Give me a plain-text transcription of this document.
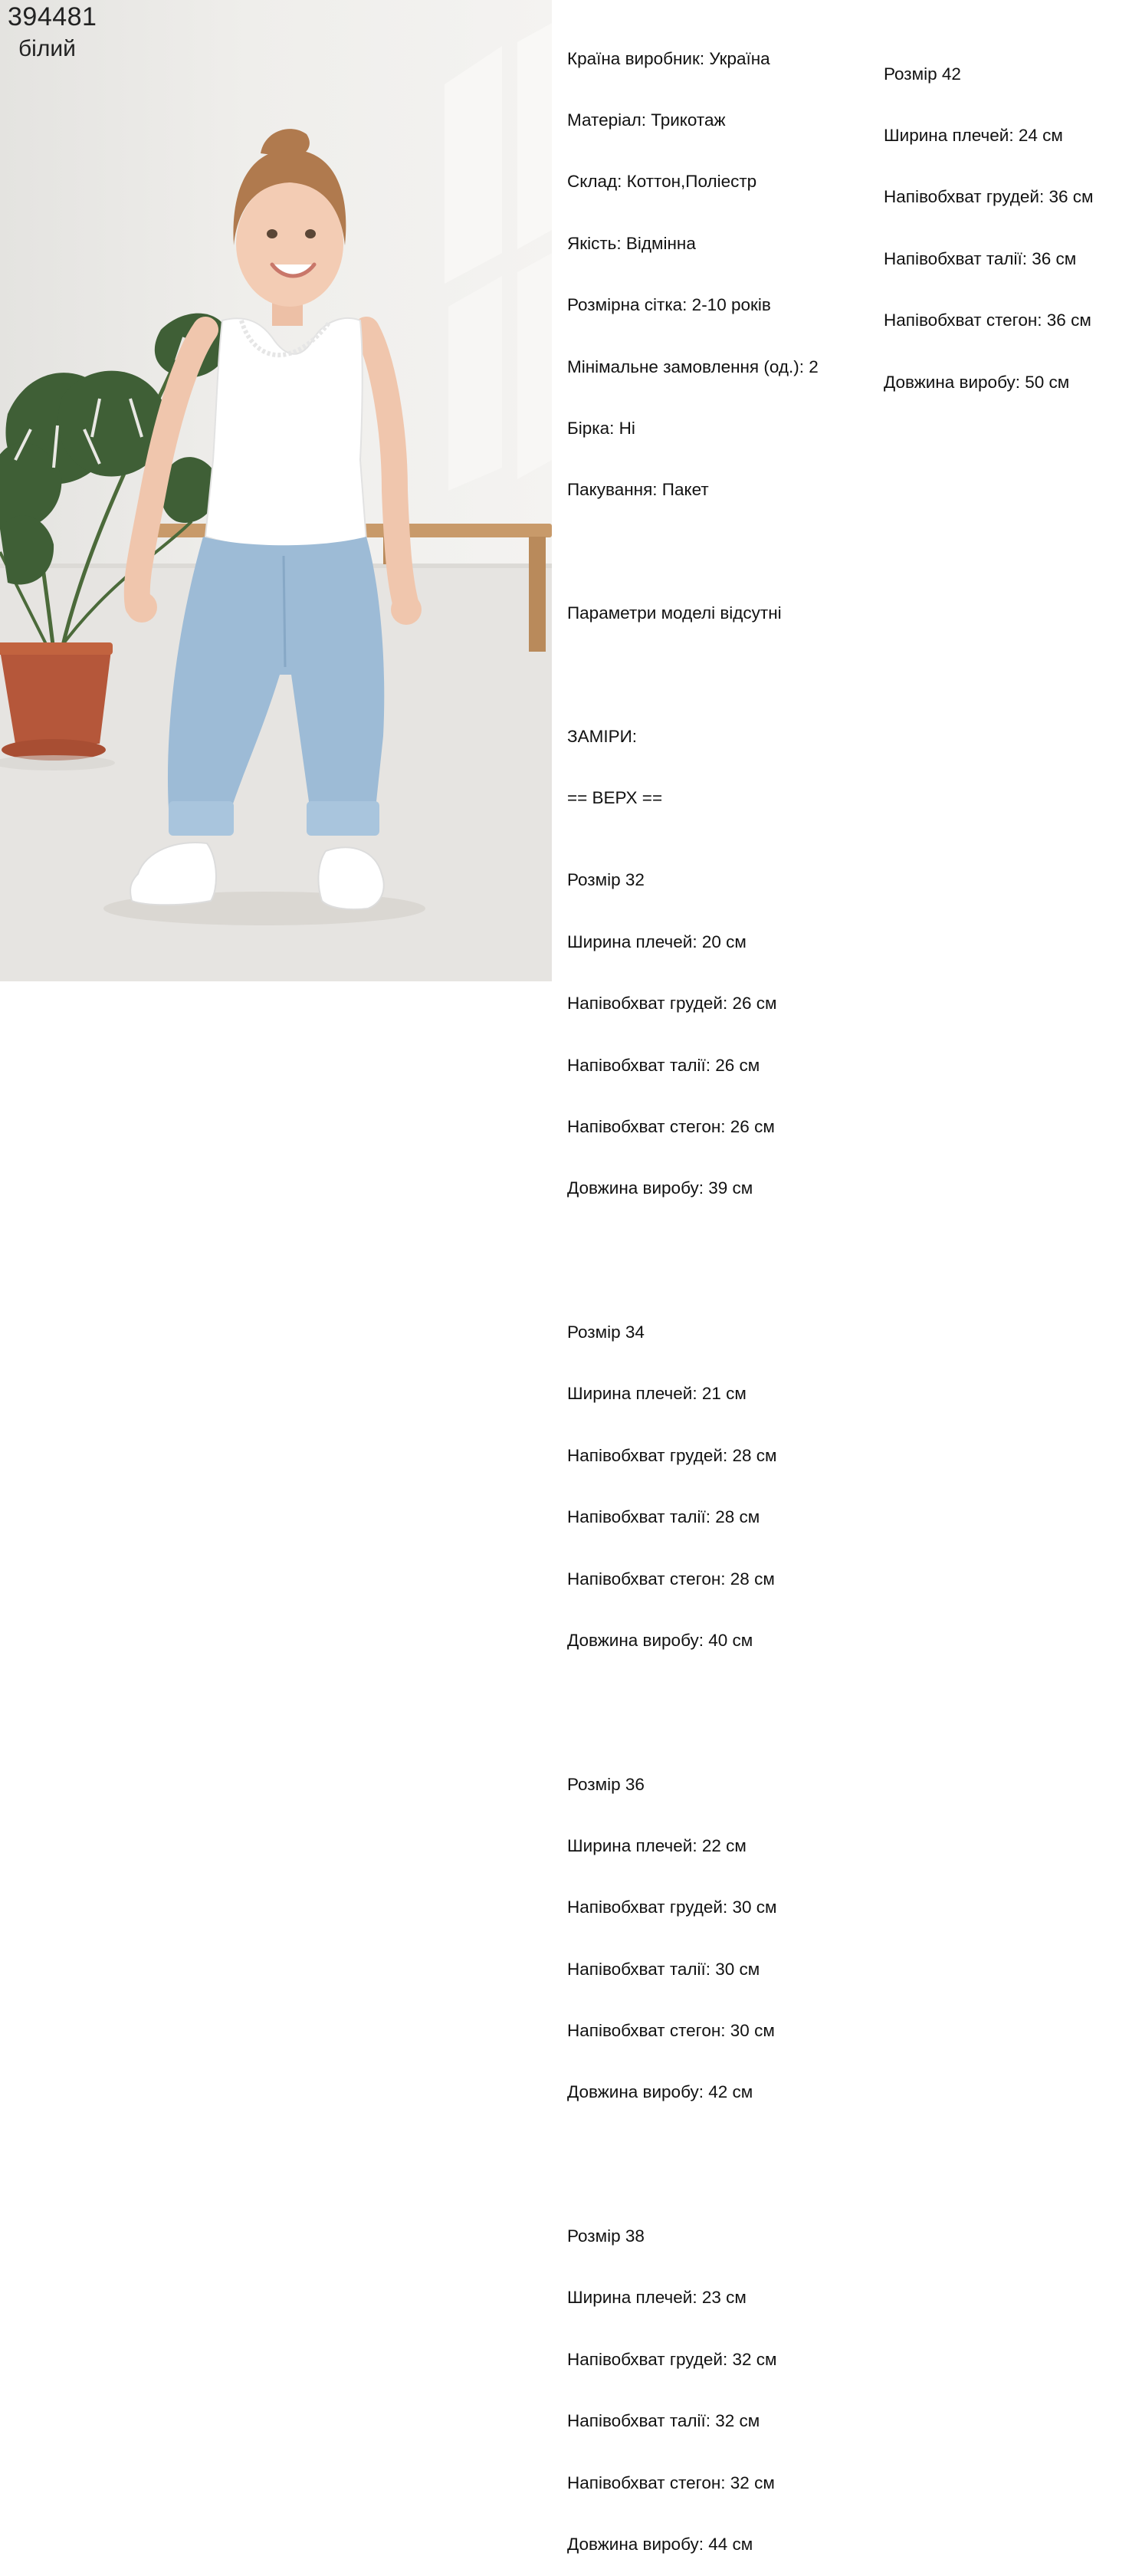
394481
білий

	Країна виробник: Україна

Матеріал: Трикотаж

Склад: Коттон,Поліестр

Якість: Відмінна

Розмірна сітка: 2-10 років

Мінімальне замовлення (од.): 2

Бірка: Ні

Пакування: Пакет

Параметри моделі відсутні

ЗАМІРИ:

== ВЕРХ ==

Розмір 32

Ширина плечей: 20 см

Напівобхват грудей: 26 см

Напівобхват талії: 26 см

Напівобхват стегон: 26 см

Довжина виробу: 39 см

Розмір 34

Ширина плечей: 21 см

Напівобхват грудей: 28 см

Напівобхват талії: 28 см

Напівобхват стегон: 28 см

Довжина виробу: 40 см

Розмір 36

Ширина плечей: 22 см

Напівобхват грудей: 30 см

Напівобхват талії: 30 см

Напівобхват стегон: 30 см

Довжина виробу: 42 см

Розмір 38

Ширина плечей: 23 см

Напівобхват грудей: 32 см

Напівобхват талії: 32 см

Напівобхват стегон: 32 см

Довжина виробу: 44 см

Розмір 42

Ширина плечей: 24 см

Напівобхват грудей: 36 см

Напівобхват талії: 36 см

Напівобхват стегон: 36 см

Довжина виробу: 50 см
